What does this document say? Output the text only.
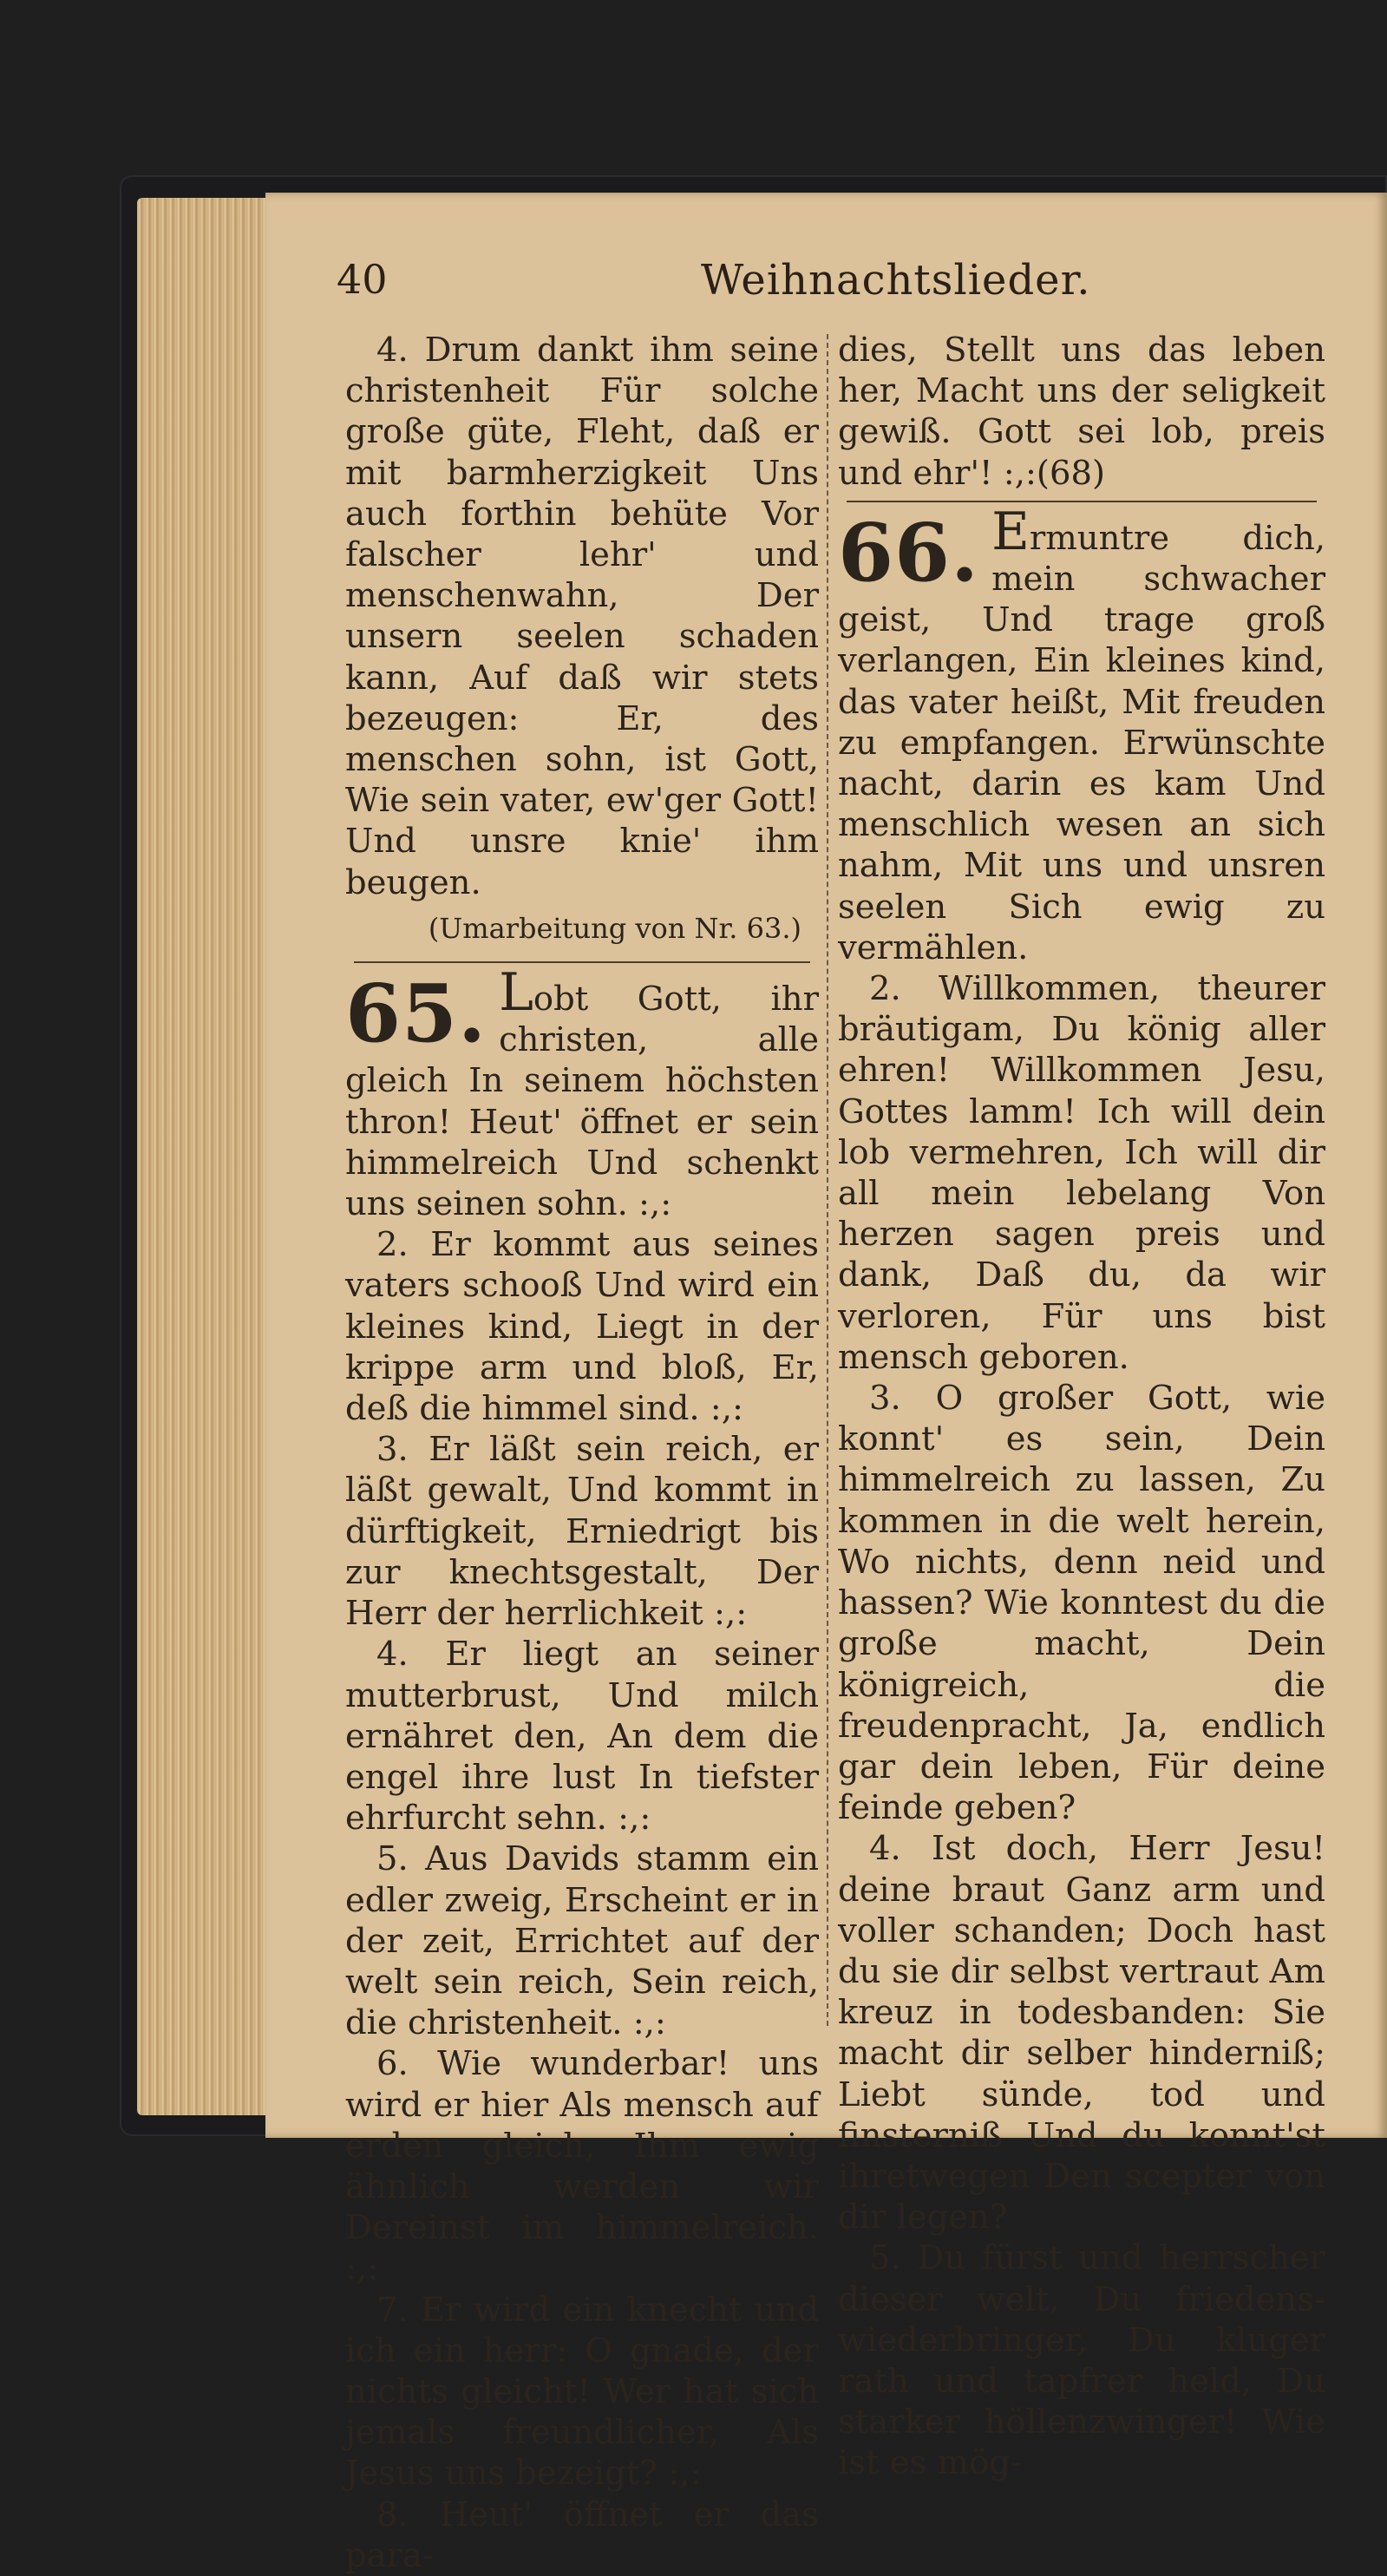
40	Weihnachtslieder.

4. Drum dankt ihm seine christenheit Für solche große güte, Fleht, daß er mit barmherzigkeit Uns auch forthin behüte Vor falscher lehr' und menschenwahn, Der unsern seelen schaden kann, Auf daß wir stets bezeugen: Er, des menschen sohn, ist Gott, Wie sein vater, ew'ger Gott! Und unsre knie' ihm beugen.

(Umarbeitung von Nr. 63.)

65. Lobt Gott, ihr christen, alle gleich In seinem höchsten thron! Heut' öffnet er sein himmelreich Und schenkt uns seinen sohn. :,:

2. Er kommt aus seines vaters schooß Und wird ein kleines kind, Liegt in der krippe arm und bloß, Er, deß die himmel sind. :,:

3. Er läßt sein reich, er läßt gewalt, Und kommt in dürftigkeit, Erniedrigt bis zur knechtsgestalt, Der Herr der herrlichkeit :,:

4. Er liegt an seiner mutterbrust, Und milch ernähret den, An dem die engel ihre lust In tiefster ehrfurcht sehn. :,:

5. Aus Davids stamm ein edler zweig, Erscheint er in der zeit, Errichtet auf der welt sein reich, Sein reich, die christenheit. :,:

6. Wie wunderbar! uns wird er hier Als mensch auf erden gleich, Ihm ewig ähnlich werden wir Dereinst im himmelreich. :,:

7. Er wird ein knecht und ich ein herr: O gnade, der nichts gleicht! Wer hat sich jemals freundlicher, Als Jesus uns bezeigt? :,:

8. Heut' öffnet er das para-

dies, Stellt uns das leben her, Macht uns der seligkeit gewiß. Gott sei lob, preis und ehr'! :,:(68)

66. Ermuntre dich, mein schwacher geist, Und trage groß verlangen, Ein kleines kind, das vater heißt, Mit freuden zu empfangen. Erwünschte nacht, darin es kam Und menschlich wesen an sich nahm, Mit uns und unsren seelen Sich ewig zu vermählen.

2. Willkommen, theurer bräutigam, Du könig aller ehren! Willkommen Jesu, Gottes lamm! Ich will dein lob vermehren, Ich will dir all mein lebelang Von herzen sagen preis und dank, Daß du, da wir verloren, Für uns bist mensch geboren.

3. O großer Gott, wie konnt' es sein, Dein himmelreich zu lassen, Zu kommen in die welt herein, Wo nichts, denn neid und hassen? Wie konntest du die große macht, Dein königreich, die freudenpracht, Ja, endlich gar dein leben, Für deine feinde geben?

4. Ist doch, Herr Jesu! deine braut Ganz arm und voller schanden; Doch hast du sie dir selbst vertraut Am kreuz in todesbanden: Sie macht dir selber hinderniß; Liebt sünde, tod und finsterniß Und du konnt'st ihretwegen Den scepter von dir legen?

5. Du fürst und herrscher dieser welt, Du friedens-wiederbringer, Du kluger rath und tapfrer held, Du starker höllenzwinger! Wie ist es mög-
